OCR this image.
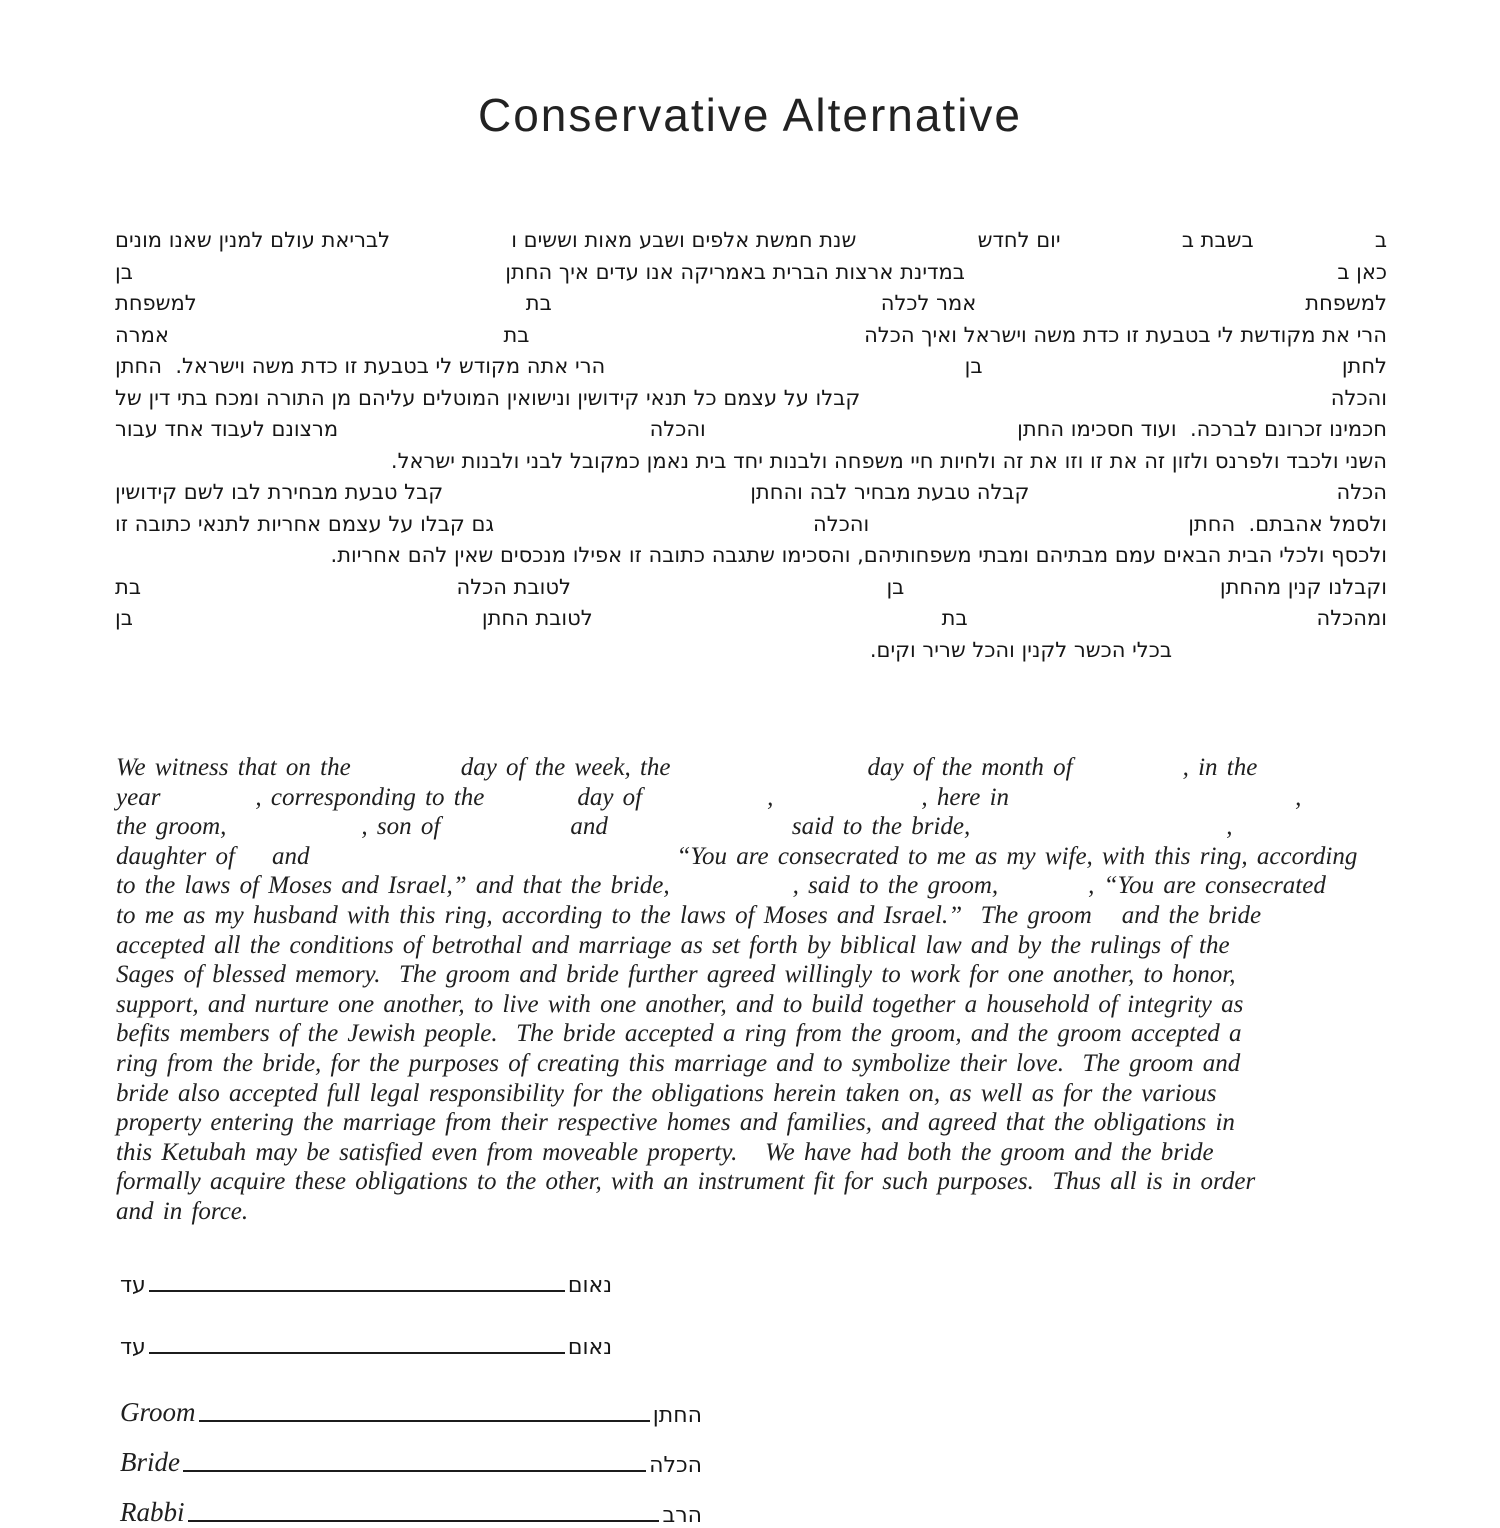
Conservative Alternative
ב
בשבת ב
יום לחדש
שנת חמשת אלפים ושבע מאות וששים ו
לבריאת עולם למנין שאנו מונים
כאן ב
במדינת ארצות הברית באמריקה אנו עדים איך החתן
בן
למשפחת
אמר לכלה
בת
למשפחת
הרי את מקודשת לי בטבעת זו כדת משה וישראל ואיך הכלה
בת
אמרה
לחתן
בן
הרי אתה מקודש לי בטבעת זו כדת משה וישראל.  החתן
והכלה
קבלו על עצמם כל תנאי קידושין ונישואין המוטלים עליהם מן התורה ומכח בתי דין של
חכמינו זכרונם לברכה.  ועוד חסכימו החתן
והכלה
מרצונם לעבוד אחד עבור
השני ולכבד ולפרנס ולזון זה את זו וזו את זה ולחיות חיי משפחה ולבנות יחד בית נאמן כמקובל לבני ולבנות ישראל.
הכלה
קבלה טבעת מבחיר לבה והחתן
קבל טבעת מבחירת לבו לשם קידושין
ולסמל אהבתם.  החתן
והכלה
גם קבלו על עצמם אחריות לתנאי כתובה זו
ולכסף ולכלי הבית הבאים עמם מבתיהם ומבתי משפחותיהם, והסכימו שתגבה כתובה זו אפילו מנכסים שאין להם אחריות.
וקבלנו קנין מהחתן
בן
לטובת הכלה
בת
ומהכלה
בת
לטובת החתן
בן
בכלי הכשר לקנין והכל שריר וקים.
We witness that on the	day of the week, the	day of the month of	, in the
year	, corresponding to the	day of	,	, here in	,
the groom,	, son of	and	said to the bride,	,
daughter of and	“You are consecrated to me as my wife, with this ring, according
to the laws of Moses and Israel,” and that the bride,	, said to the groom,	, “You are consecrated
to me as my husband with this ring, according to the laws of Moses and Israel.”  The groom and the bride
accepted all the conditions of betrothal and marriage as set forth by biblical law and by the rulings of the
Sages of blessed memory.  The groom and bride further agreed willingly to work for one another, to honor,
support, and nurture one another, to live with one another, and to build together a household of integrity as
befits members of the Jewish people.  The bride accepted a ring from the groom, and the groom accepted a
ring from the bride, for the purposes of creating this marriage and to symbolize their love.  The groom and
bride also accepted full legal responsibility for the obligations herein taken on, as well as for the various
property entering the marriage from their respective homes and families, and agreed that the obligations in
this Ketubah may be satisfied even from moveable property.   We have had both the groom and the bride
formally acquire these obligations to the other, with an instrument fit for such purposes.  Thus all is in order
and in force.
עד	נאום
עד	נאום
Groom	החתן
Bride	הכלה
Rabbi	הרב
